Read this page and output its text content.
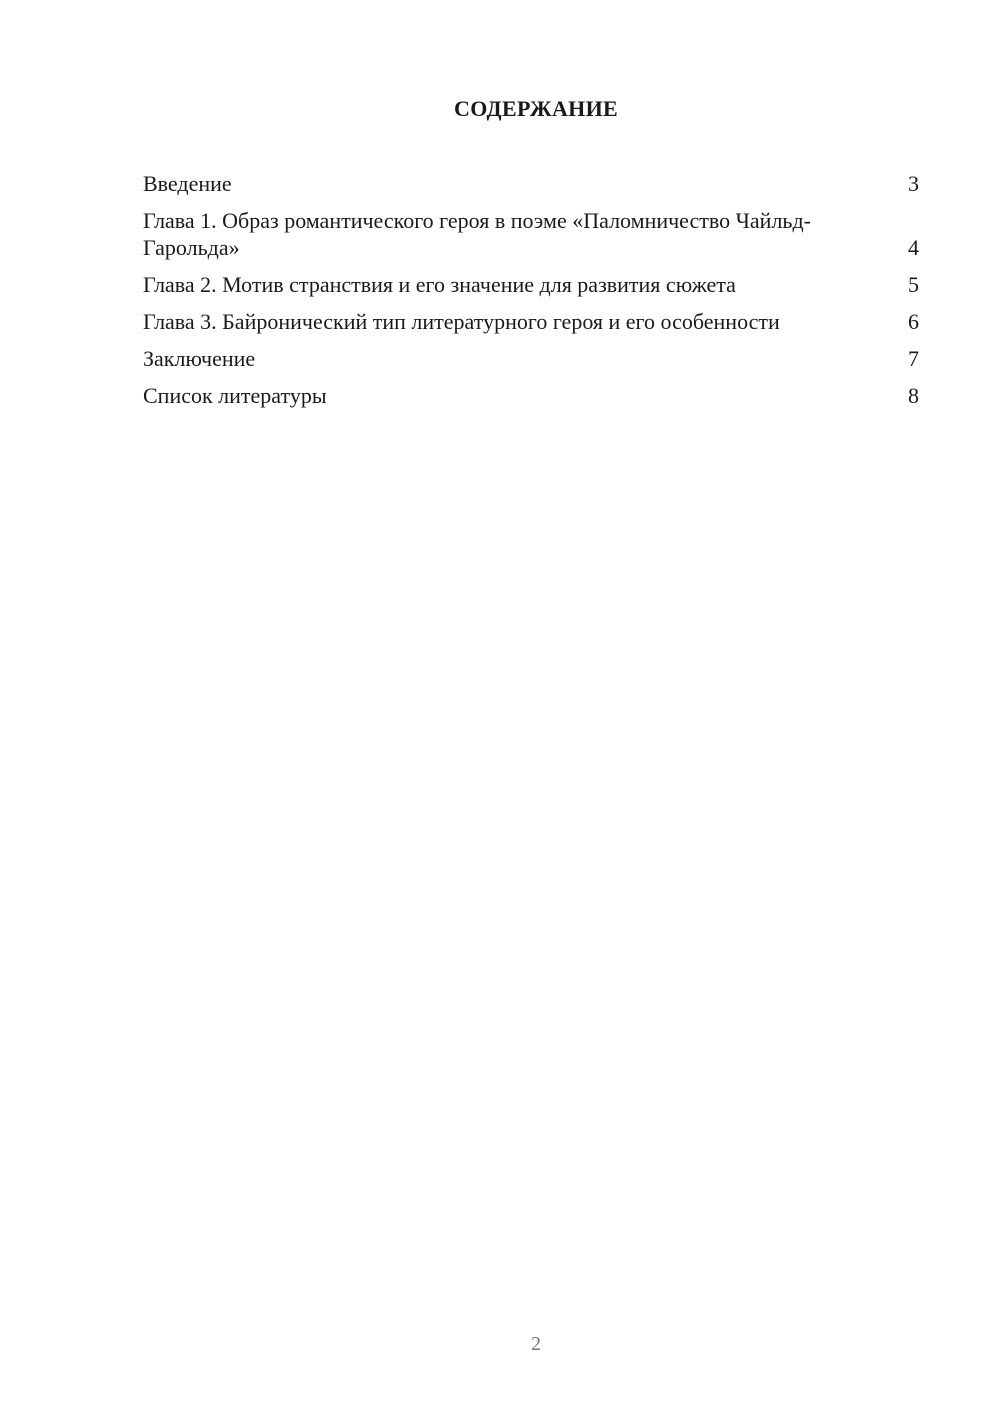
СОДЕРЖАНИЕ
Введение	3
Глава 1. Образ романтического героя в поэме «Паломничество Чайльд-Гарольда»	4
Глава 2. Мотив странствия и его значение для развития сюжета	5
Глава 3. Байронический тип литературного героя и его особенности	6
Заключение	7
Список литературы	8
2
